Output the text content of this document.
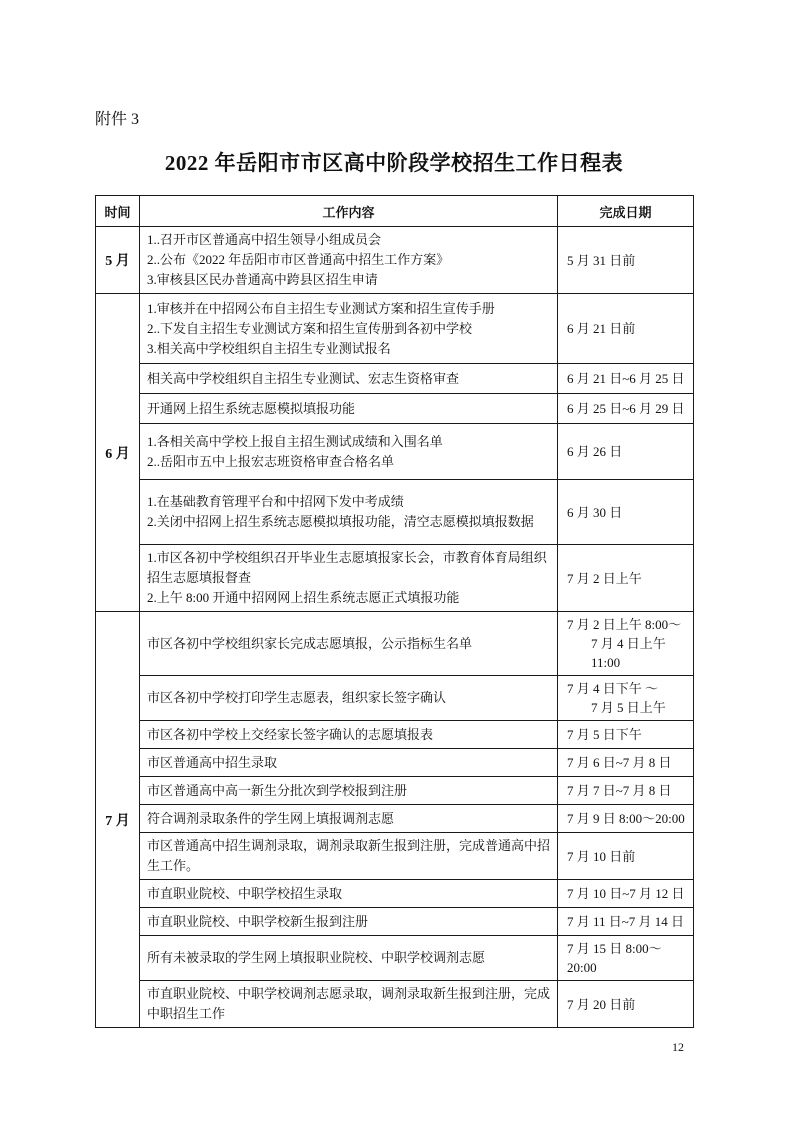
附件 3
2022 年岳阳市市区高中阶段学校招生工作日程表
时间	工作内容	完成日期
5 月	1..召开市区普通高中招生领导小组成员会
2..公布《2022 年岳阳市市区普通高中招生工作方案》
3.审核县区民办普通高中跨县区招生申请	5 月 31 日前

6 月	1.审核并在中招网公布自主招生专业测试方案和招生宣传手册
2..下发自主招生专业测试方案和招生宣传册到各初中学校
3.相关高中学校组织自主招生专业测试报名	6 月 21 日前

	相关高中学校组织自主招生专业测试、宏志生资格审查	6 月 21 日~6 月 25 日

	开通网上招生系统志愿模拟填报功能	6 月 25 日~6 月 29 日

	1.各相关高中学校上报自主招生测试成绩和入围名单
2..岳阳市五中上报宏志班资格审查合格名单	6 月 26 日

	1.在基础教育管理平台和中招网下发中考成绩
2.关闭中招网上招生系统志愿模拟填报功能，清空志愿模拟填报数据	6 月 30 日

	1.市区各初中学校组织召开毕业生志愿填报家长会，市教育体育局组织招生志愿填报督查
2.上午 8:00 开通中招网网上招生系统志愿正式填报功能	7 月 2 日上午

7 月	市区各初中学校组织家长完成志愿填报，公示指标生名单	7 月 2 日上午 8:00～
7 月 4 日上午 11:00

	市区各初中学校打印学生志愿表，组织家长签字确认	7 月 4 日下午 ～
7 月 5 日上午

	市区各初中学校上交经家长签字确认的志愿填报表	7 月 5 日下午

	市区普通高中招生录取	7 月 6 日~7 月 8 日

	市区普通高中高一新生分批次到学校报到注册	7 月 7 日~7 月 8 日

	符合调剂录取条件的学生网上填报调剂志愿	7 月 9 日 8:00～20:00

	市区普通高中招生调剂录取，调剂录取新生报到注册，完成普通高中招生工作。	7 月 10 日前

	市直职业院校、中职学校招生录取	7 月 10 日~7 月 12 日

	市直职业院校、中职学校新生报到注册	7 月 11 日~7 月 14 日

	所有未被录取的学生网上填报职业院校、中职学校调剂志愿	7 月 15 日 8:00～20:00

	市直职业院校、中职学校调剂志愿录取，调剂录取新生报到注册，完成中职招生工作	7 月 20 日前
12
